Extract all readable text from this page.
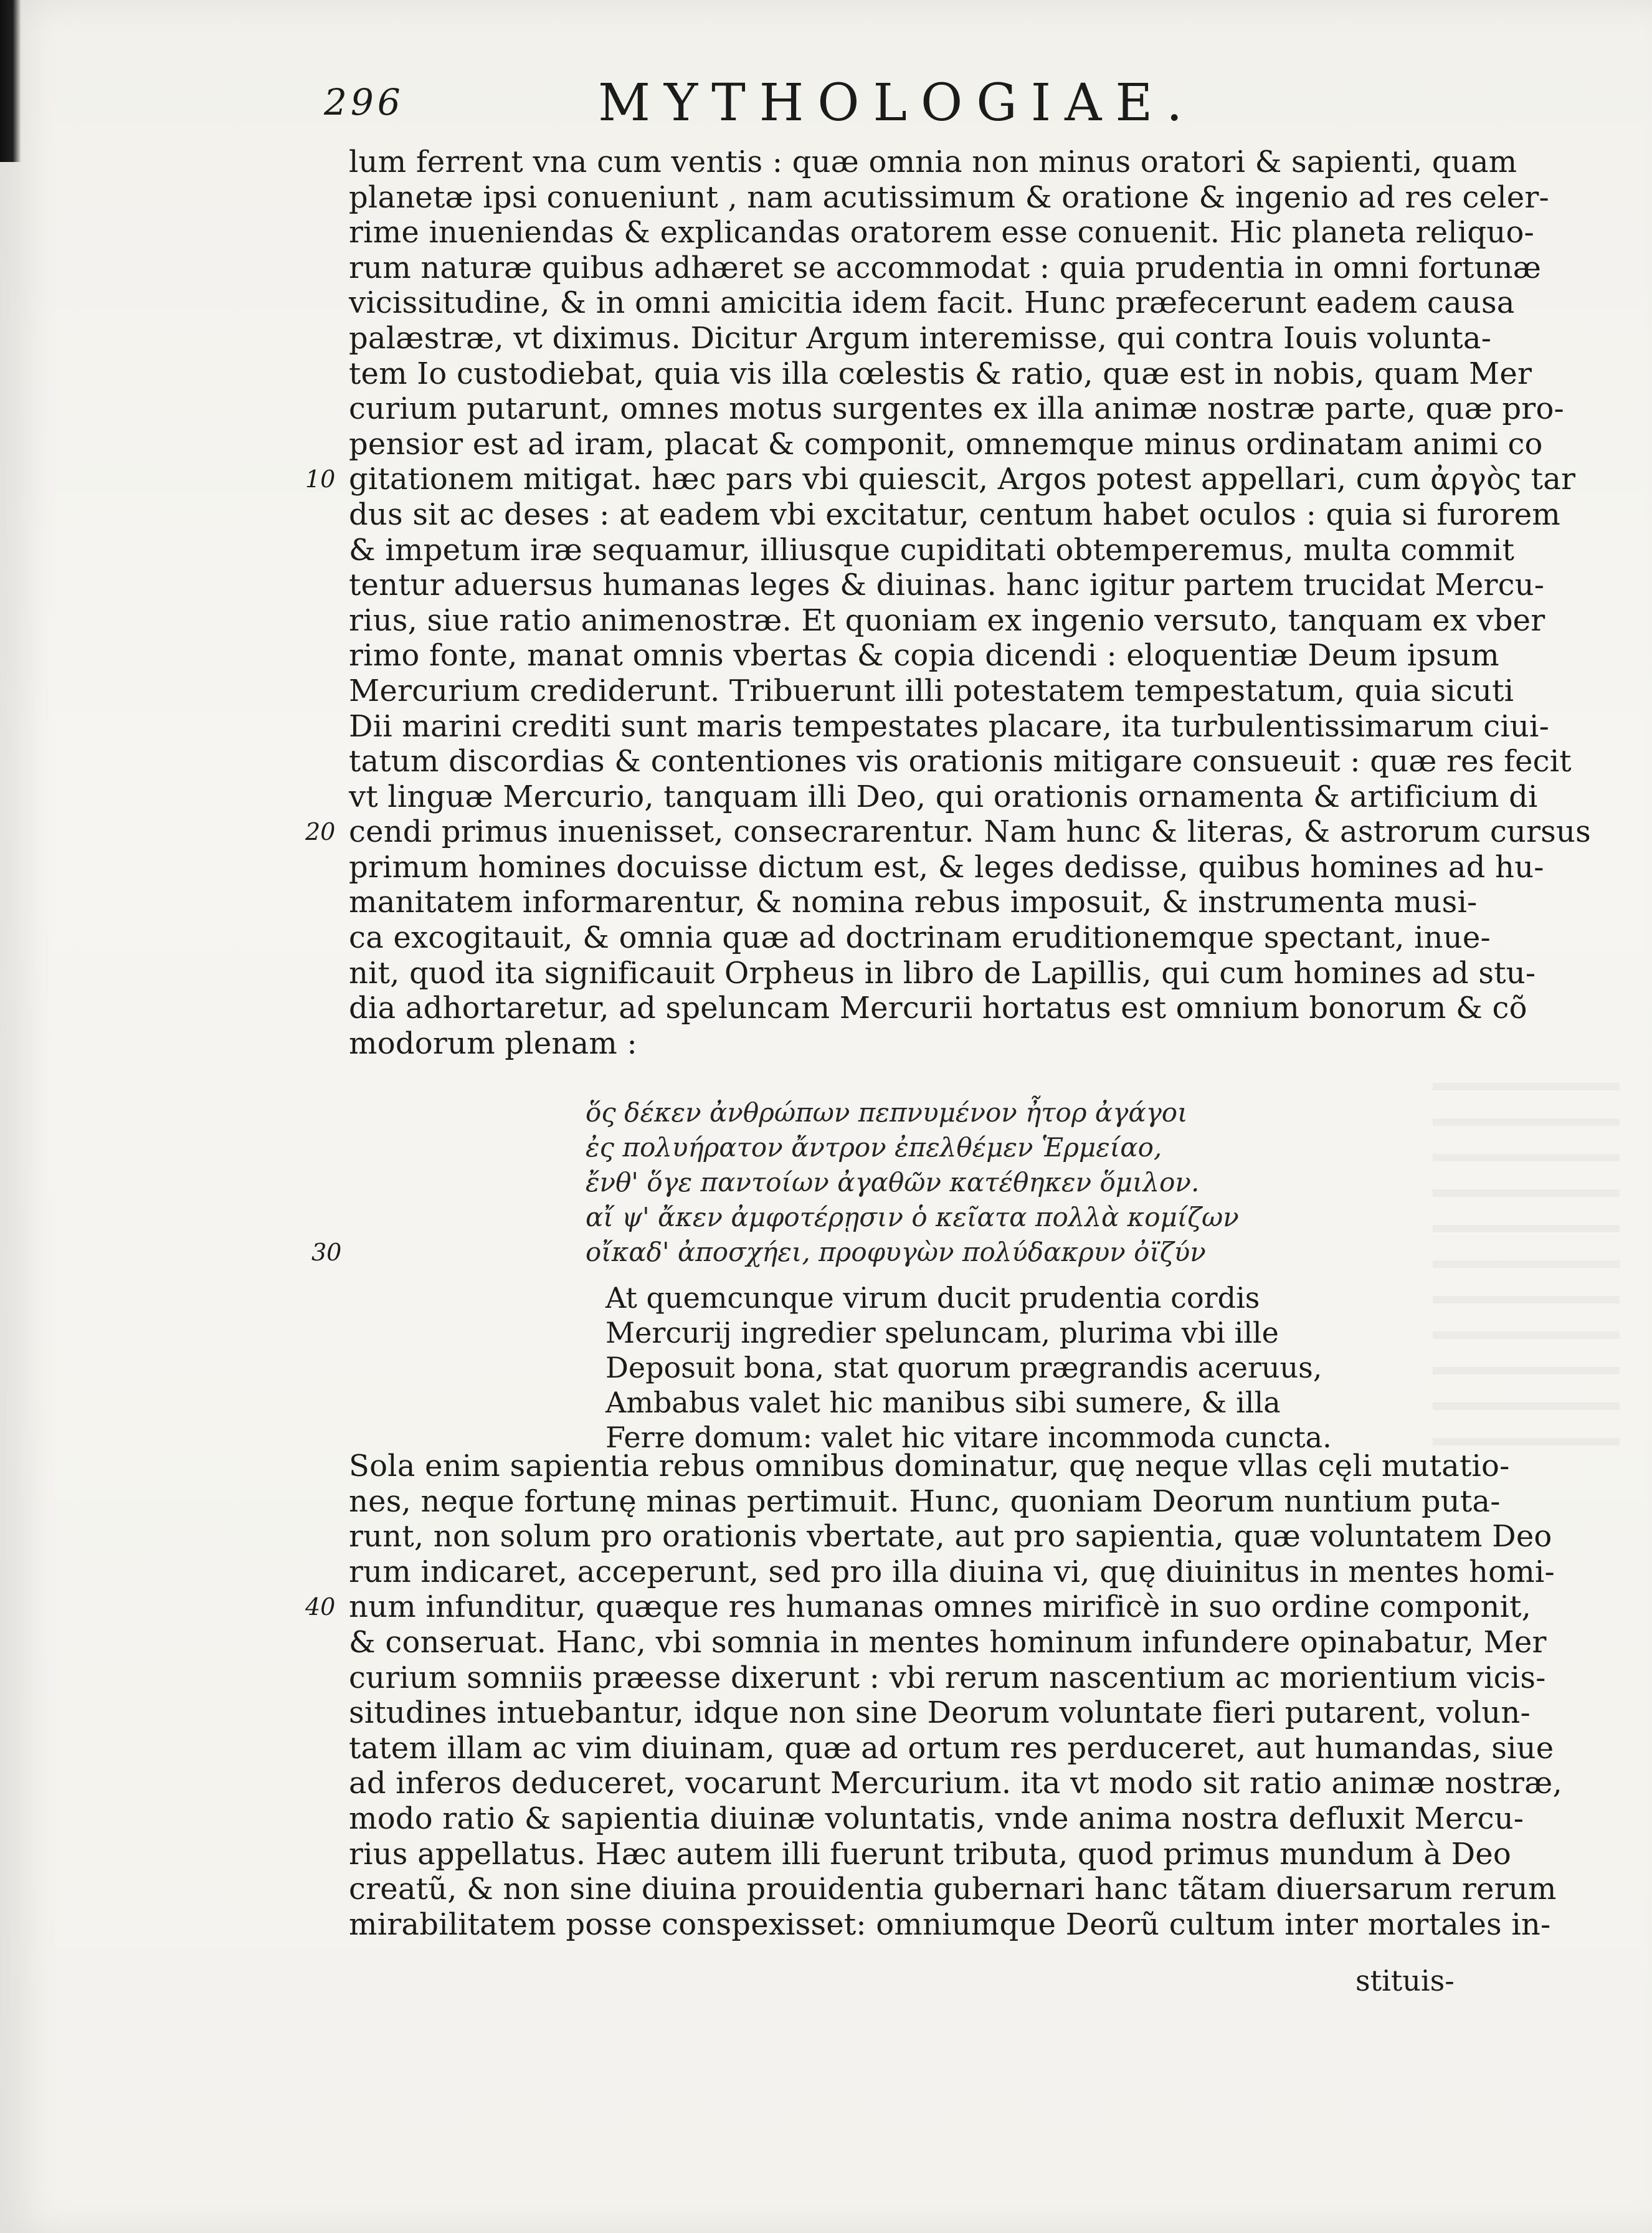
296	MYTHOLOGIAE.
lum ferrent vna cum ventis : quæ omnia non minus oratori & sapienti, quam
planetæ ipsi conueniunt , nam acutissimum & oratione & ingenio ad res celer-
rime inueniendas & explicandas oratorem esse conuenit. Hic planeta reliquo-
rum naturæ quibus adhæret se accommodat : quia prudentia in omni fortunæ
vicissitudine, & in omni amicitia idem facit. Hunc præfecerunt eadem causa
palæstræ, vt diximus. Dicitur Argum interemisse, qui contra Iouis volunta-
tem Io custodiebat, quia vis illa cœlestis & ratio, quæ est in nobis, quam Mer
curium putarunt, omnes motus surgentes ex illa animæ nostræ parte, quæ pro-
pensior est ad iram, placat & componit, omnemque minus ordinatam animi co
10 gitationem mitigat. hæc pars vbi quiescit, Argos potest appellari, cum ἀργὸς tar
dus sit ac deses : at eadem vbi excitatur, centum habet oculos : quia si furorem
& impetum iræ sequamur, illiusque cupiditati obtemperemus, multa commit
tentur aduersus humanas leges & diuinas. hanc igitur partem trucidat Mercu-
rius, siue ratio animenostræ. Et quoniam ex ingenio versuto, tanquam ex vber
rimo fonte, manat omnis vbertas & copia dicendi : eloquentiæ Deum ipsum
Mercurium crediderunt. Tribuerunt illi potestatem tempestatum, quia sicuti
Dii marini crediti sunt maris tempestates placare, ita turbulentissimarum ciui-
tatum discordias & contentiones vis orationis mitigare consueuit : quæ res fecit
vt linguæ Mercurio, tanquam illi Deo, qui orationis ornamenta & artificium di
20 cendi primus inuenisset, consecrarentur. Nam hunc & literas, & astrorum cursus
primum homines docuisse dictum est, & leges dedisse, quibus homines ad hu-
manitatem informarentur, & nomina rebus imposuit, & instrumenta musi-
ca excogitauit, & omnia quæ ad doctrinam eruditionemque spectant, inue-
nit, quod ita significauit Orpheus in libro de Lapillis, qui cum homines ad stu-
dia adhortaretur, ad speluncam Mercurii hortatus est omnium bonorum & cõ
modorum plenam :
ὅς δέκεν ἀνθρώπων πεπνυμένον ἦτορ ἀγάγοι
ἐς πολυήρατον ἄντρον ἐπελθέμεν Ἑρμείαο,
ἔνθ' ὅγε παντοίων ἀγαθῶν κατέθηκεν ὅμιλον.
αἴ ψ' ἄκεν ἀμφοτέρῃσιν ὁ κεῖατα πολλὰ κομίζων
30	οἴκαδ' ἀποσχήει, προφυγὼν πολύδακρυν ὀϊζύν
At quemcunque virum ducit prudentia cordis
Mercurij ingredier speluncam, plurima vbi ille
Deposuit bona, stat quorum prægrandis aceruus,
Ambabus valet hic manibus sibi sumere, & illa
Ferre domum: valet hic vitare incommoda cuncta.
Sola enim sapientia rebus omnibus dominatur, quę neque vllas cęli mutatio-
nes, neque fortunę minas pertimuit. Hunc, quoniam Deorum nuntium puta-
runt, non solum pro orationis vbertate, aut pro sapientia, quæ voluntatem Deo
rum indicaret, acceperunt, sed pro illa diuina vi, quę diuinitus in mentes homi-
40 num infunditur, quæque res humanas omnes mirificè in suo ordine componit,
& conseruat. Hanc, vbi somnia in mentes hominum infundere opinabatur, Mer
curium somniis præesse dixerunt : vbi rerum nascentium ac morientium vicis-
situdines intuebantur, idque non sine Deorum voluntate fieri putarent, volun-
tatem illam ac vim diuinam, quæ ad ortum res perduceret, aut humandas, siue
ad inferos deduceret, vocarunt Mercurium. ita vt modo sit ratio animæ nostræ,
modo ratio & sapientia diuinæ voluntatis, vnde anima nostra defluxit Mercu-
rius appellatus. Hæc autem illi fuerunt tributa, quod primus mundum à Deo
creatũ, & non sine diuina prouidentia gubernari hanc tãtam diuersarum rerum
mirabilitatem posse conspexisset: omniumque Deorũ cultum inter mortales in-
stituis-
